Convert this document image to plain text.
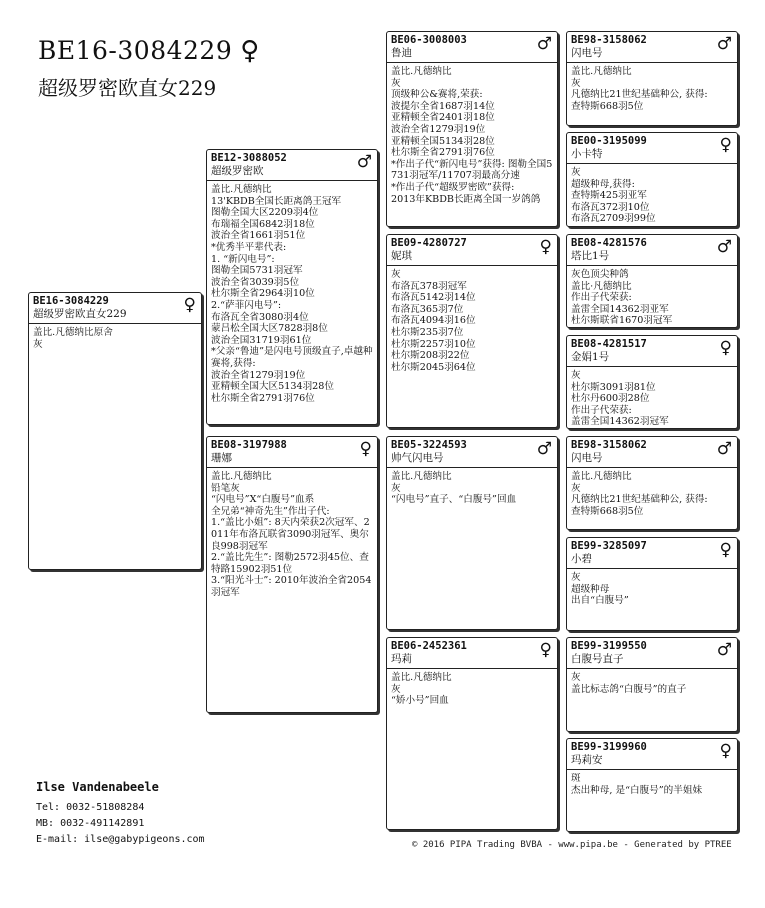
BE16-3084229 ♀
超级罗密欧直女229
BE16-3084229
超级罗密欧直女229	♀
盖比.凡德纳比原舍
灰
BE12-3088052
超级罗密欧	♂
盖比.凡德纳比
13'KBDB全国长距离鸽王冠军
图勒全国大区2209羽4位
布瑞福全国6842羽18位
波治全省1661羽51位
*优秀半平辈代表:
1. “新闪电号”:
图勒全国5731羽冠军
波治全省3039羽5位
杜尔斯全省2964羽10位
2.“萨菲闪电号”:
布洛瓦全省3080羽4位
蒙吕松全国大区7828羽8位
波治全国31719羽61位
*父亲“鲁迪”是闪电号顶级直子,卓越种赛将,获得:
波治全省1279羽19位
亚精顿全国大区5134羽28位
杜尔斯全省2791羽76位
BE08-3197988
珊娜	♀
盖比.凡德纳比
铅笔灰
“闪电号”X“白腹号”血系
全兄弟“神奇先生”作出子代:
1.“盖比小姐”: 8天内荣获2次冠军、2011年布洛瓦联省3090羽冠军、奥尔良998羽冠军
2.“盖比先生”: 图勒2572羽45位、查特路15902羽51位
3.“阳光斗士”: 2010年波治全省2054羽冠军
BE06-3008003
鲁迪	♂
盖比.凡德纳比
灰
顶级种公&赛将,荣获:
波提尔全省1687羽14位
亚精顿全省2401羽18位
波治全省1279羽19位
亚精顿全国5134羽28位
杜尔斯全省2791羽76位
*作出子代“新闪电号”获得: 图勒全国5731羽冠军/11707羽最高分速
*作出子代“超级罗密欧”获得:
2013年KBDB长距离全国一岁鸽鸽
BE09-4280727
妮琪	♀
灰
布洛瓦378羽冠军
布洛瓦5142羽14位
布洛瓦365羽7位
布洛瓦4094羽16位
杜尔斯235羽7位
杜尔斯2257羽10位
杜尔斯208羽22位
杜尔斯2045羽64位
BE05-3224593
帅气闪电号	♂
盖比.凡德纳比
灰
“闪电号”直子、“白腹号”回血
BE06-2452361
玛莉	♀
盖比.凡德纳比
灰
“娇小号”回血
BE98-3158062
闪电号	♂
盖比.凡德纳比
灰
凡德纳比21世纪基础种公, 获得:
查特斯668羽5位
BE00-3195099
小卡特	♀
灰
超级种母,获得:
查特斯425羽亚军
布洛瓦372羽10位
布洛瓦2709羽99位
BE08-4281576
塔比1号	♂
灰色顶尖种鸽
盖比·凡德纳比
作出子代荣获:
盖雷全国14362羽亚军
杜尔斯联省1670羽冠军
BE08-4281517
金娟1号	♀
灰
杜尔斯3091羽81位
杜尔丹600羽28位
作出子代荣获:
盖雷全国14362羽冠军
BE98-3158062
闪电号	♂
盖比.凡德纳比
灰
凡德纳比21世纪基础种公, 获得:
查特斯668羽5位
BE99-3285097
小碧	♀
灰
超级种母
出自“白腹号”
BE99-3199550
白腹号直子	♂
灰
盖比标志鸽“白腹号”的直子
BE99-3199960
玛莉安	♀
斑
杰出种母, 是“白腹号”的半姐妹
Ilse Vandenabeele
Tel: 0032-51808284
MB: 0032-491142891
E-mail: ilse@gabypigeons.com	© 2016 PIPA Trading BVBA - www.pipa.be - Generated by PTREE
